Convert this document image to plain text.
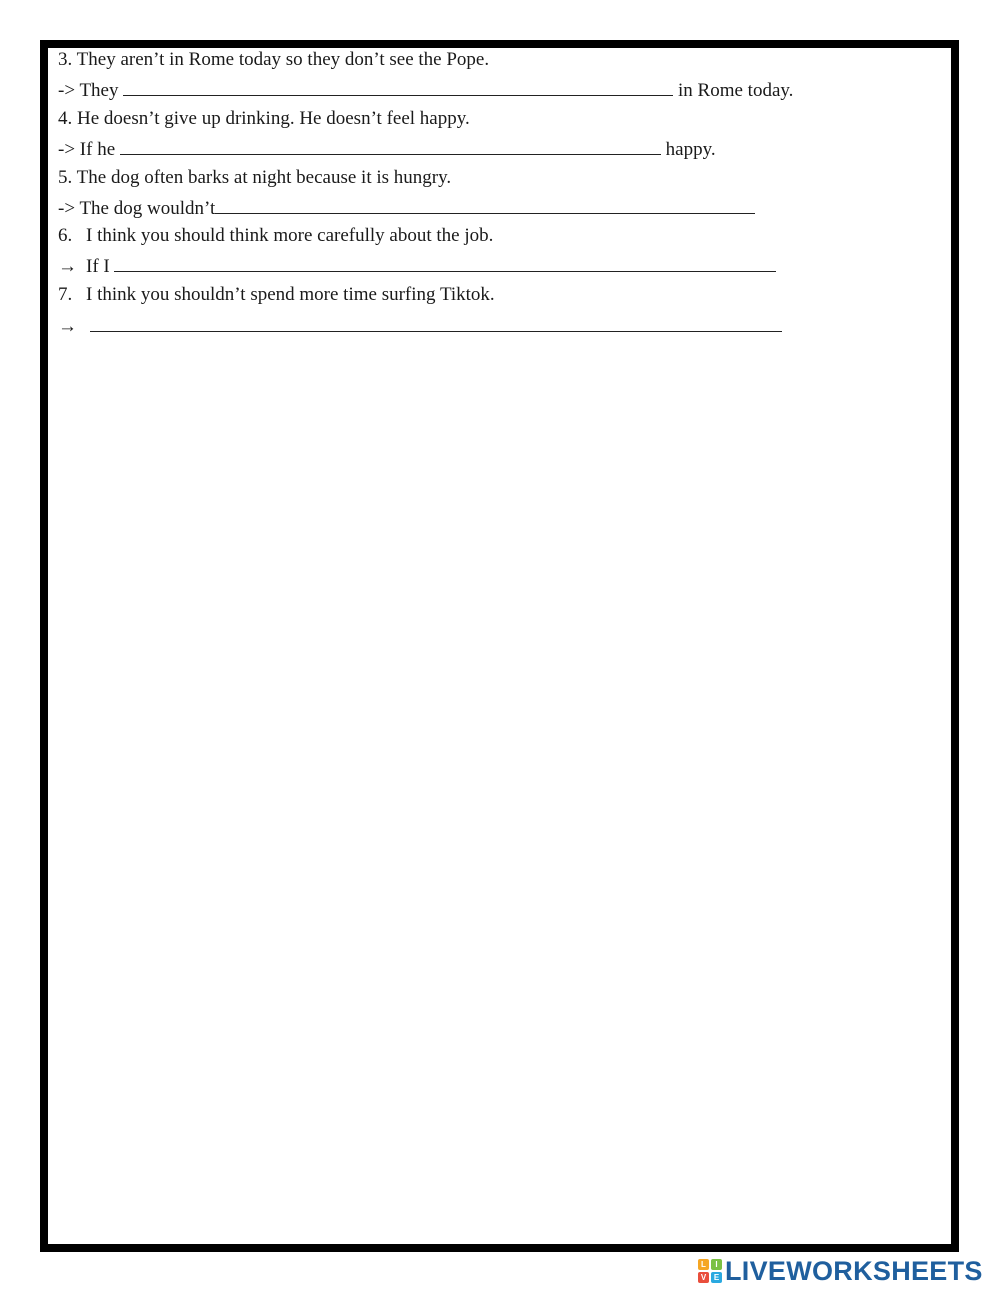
3. They aren’t in Rome today so they don’t see the Pope.
-> They	in Rome today.
4. He doesn’t give up drinking. He doesn’t feel happy.
-> If he	happy.
5. The dog often barks at night because it is hungry.
-> The dog wouldn’t
6. I think you should think more carefully about the job.
→ If I
7. I think you shouldn’t spend more time surfing Tiktok.
→
L	I
V E LIVEWORKSHEETS
